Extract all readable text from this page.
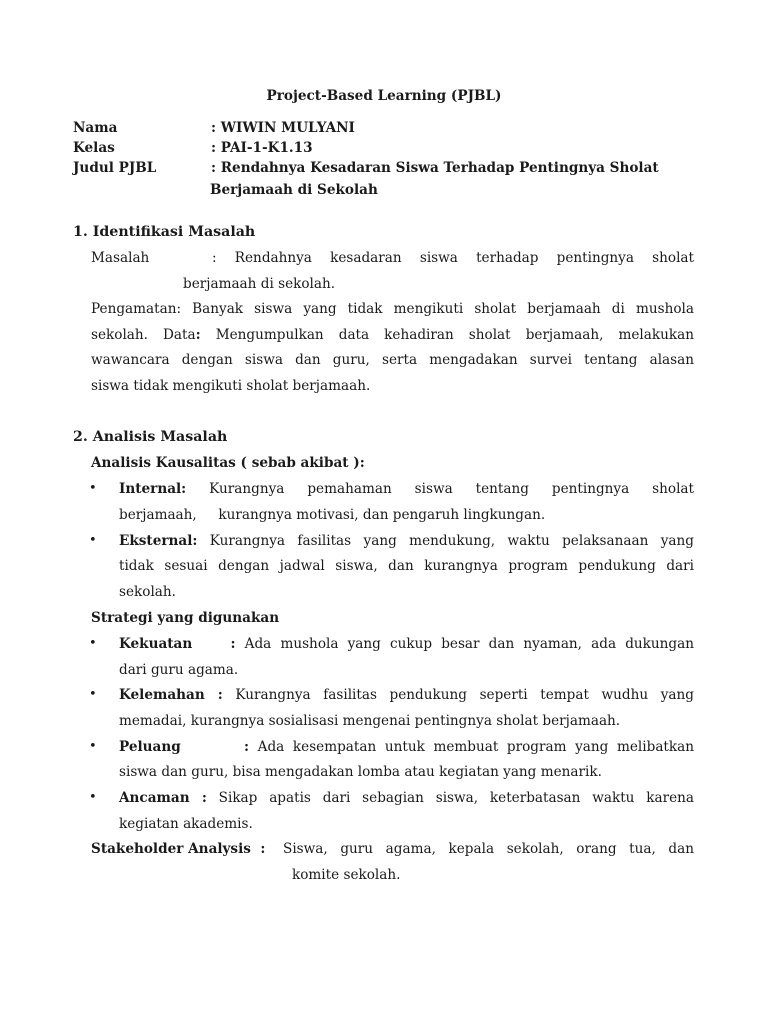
Project-Based Learning (PJBL)
Nama	: WIWIN MULYANI
Kelas	: PAI-1-K1.13
Judul PJBL	: Rendahnya Kesadaran Siswa Terhadap Pentingnya Sholat
Berjamaah di Sekolah
1. Identifikasi Masalah
Masalah	: Rendahnya kesadaran siswa terhadap pentingnya sholat
berjamaah di sekolah.
Pengamatan: Banyak siswa yang tidak mengikuti sholat berjamaah di mushola
sekolah. Data: Mengumpulkan data kehadiran sholat berjamaah, melakukan
wawancara dengan siswa dan guru, serta mengadakan survei tentang alasan
siswa tidak mengikuti sholat berjamaah.
2. Analisis Masalah
Analisis Kausalitas ( sebab akibat ):
• Internal: Kurangnya pemahaman siswa tentang pentingnya sholat
berjamaah,     kurangnya motivasi, dan pengaruh lingkungan.
• Eksternal: Kurangnya fasilitas yang mendukung, waktu pelaksanaan yang
tidak sesuai dengan jadwal siswa, dan kurangnya program pendukung dari
sekolah.
Strategi yang digunakan
• Kekuatan    : Ada mushola yang cukup besar dan nyaman, ada dukungan
dari guru agama.
• Kelemahan : Kurangnya fasilitas pendukung seperti tempat wudhu yang
memadai, kurangnya sosialisasi mengenai pentingnya sholat berjamaah.
• Peluang       : Ada kesempatan untuk membuat program yang melibatkan
siswa dan guru, bisa mengadakan lomba atau kegiatan yang menarik.
• Ancaman : Sikap apatis dari sebagian siswa, keterbatasan waktu karena
kegiatan akademis.
Stakeholder Analysis  : Siswa, guru agama, kepala sekolah, orang tua, dan
komite sekolah.
